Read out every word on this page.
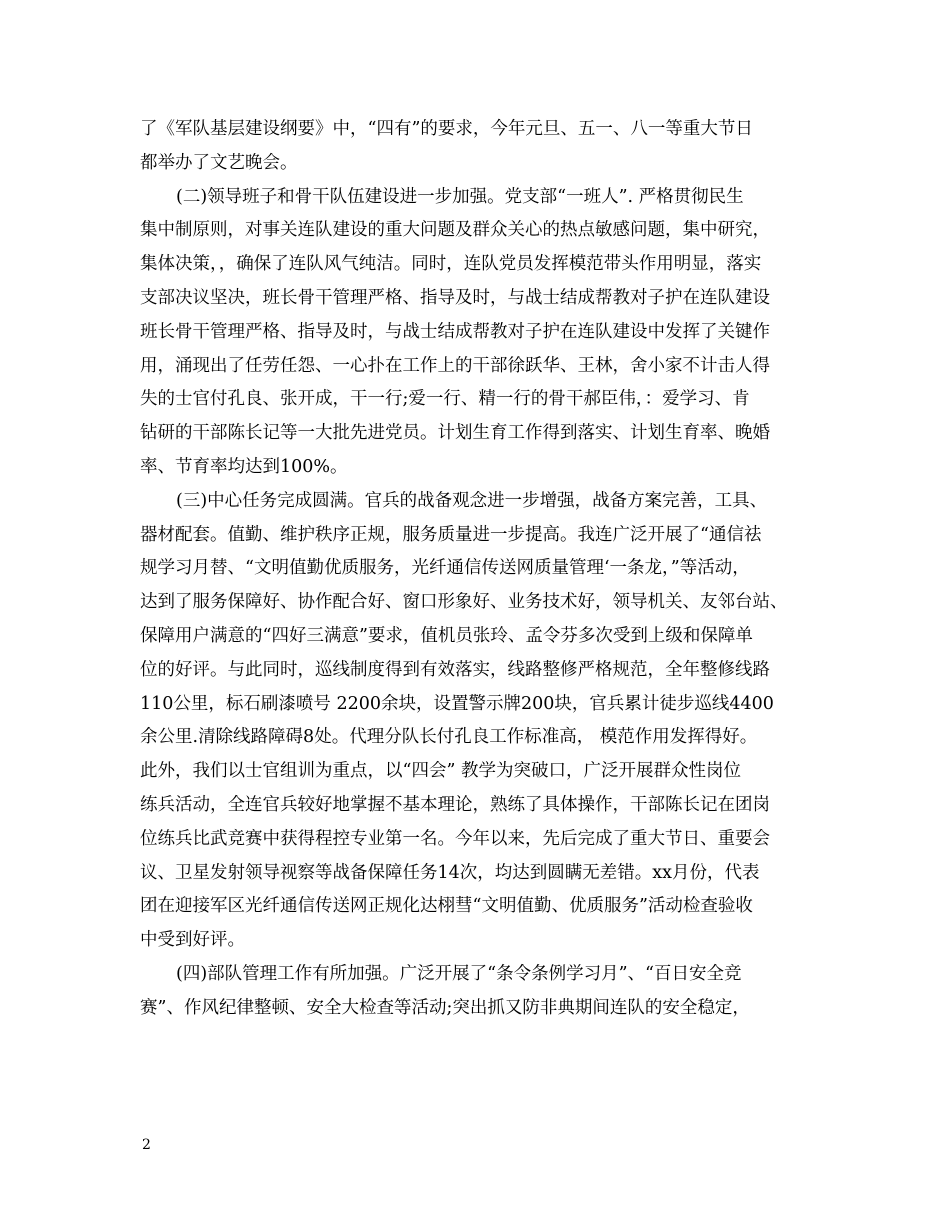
了《军队基层建设纲要》中，“四有”的要求，今年元旦、五一、八一等重大节日
都举办了文艺晚会。
(二)领导班子和骨干队伍建设进一步加强。党支部“一班人”. 严格贯彻民生
集中制原则，对事关连队建设的重大问题及群众关心的热点敏感问题，集中研究，
集体决策，，确保了连队风气纯洁。同时，连队党员发挥模范带头作用明显，落实
支部决议坚决，班长骨干管理严格、指导及时，与战士结成帮教对子护在连队建设
班长骨干管理严格、指导及时，与战士结成帮教对子护在连队建设中发挥了关键作
用，涌现出了任劳任怨、一心扑在工作上的干部徐跃华、王林，舍小家不计击人得
失的士官付孔良、张开成，干一行;爱一行、精一行的骨干郝臣伟，：爱学习、肯
钻研的干部陈长记等一大批先进党员。计划生育工作得到落实、计划生育率、晚婚
率、节育率均达到100%。
(三)中心任务完成圆满。官兵的战备观念进一步增强，战备方案完善，工具、
器材配套。值勤、维护秩序正规，服务质量进一步提高。我连广泛开展了“通信祛
规学习月替、“文明值勤优质服务，光纤通信传送网质量管理‘一条龙，”等活动，
达到了服务保障好、协作配合好、窗口形象好、业务技术好，领导机关、友邻台站、
保障用户满意的“四好三满意”要求，值机员张玲、孟令芬多次受到上级和保障单
位的好评。与此同时，巡线制度得到有效落实，线路整修严格规范，全年整修线路
110公里，标石刷漆喷号 2200余块，设置警示牌200块，官兵累计徒步巡线4400
余公里.清除线路障碍8处。代理分队长付孔良工作标准高， 模范作用发挥得好。
此外，我们以士官组训为重点，以“四会” 教学为突破口，广泛开展群众性岗位
练兵活动，全连官兵较好地掌握不基本理论，熟练了具体操作，干部陈长记在团岗
位练兵比武竞赛中获得程控专业第一名。今年以来，先后完成了重大节日、重要会
议、卫星发射领导视察等战备保障任务14次，均达到圆瞒无差错。xx月份，代表
团在迎接军区光纤通信传送网正规化达栩彗“文明值勤、优质服务”活动检查验收
中受到好评。
(四)部队管理工作有所加强。广泛开展了“条令条例学习月”、“百日安全竞
赛”、作风纪律整顿、安全大检查等活动;突出抓又防非典期间连队的安全稳定，
2
